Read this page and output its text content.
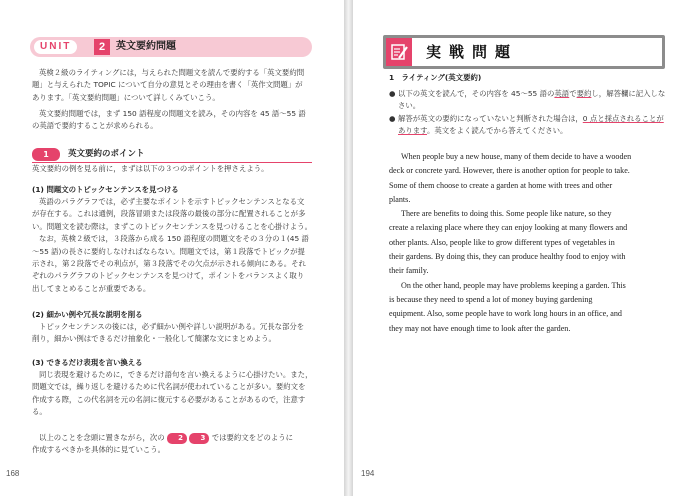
UNIT	2	英文要約問題
英検２級のライティングには，与えられた問題文を読んで要約する「英文要約問
題」と与えられた TOPIC について自分の意見とその理由を書く「英作文問題」が
あります。「英文要約問題」について詳しくみていこう。
英文要約問題では，まず 150 語程度の問題文を読み，その内容を 45 語〜55 語
の英語で要約することが求められる。
1	英文要約のポイント
英文要約の例を見る前に，まずは以下の３つのポイントを押さえよう。
(1) 問題文のトピックセンテンスを見つける
英語のパラグラフでは，必ず主要なポイントを示すトピックセンテンスとなる文
が存在する。これは通例，段落冒頭または段落の最後の部分に配置されることが多
い。問題文を読む際は，まずこのトピックセンテンスを見つけることを心掛けよう。
なお，英検２級では，３段落から成る 150 語程度の問題文をその３分の１(45 語
〜55 語)の長さに要約しなければならない。問題文では，第１段落でトピックが提
示され，第２段落でその利点が，第３段落でその欠点が示される傾向にある。それ
ぞれのパラグラフのトピックセンテンスを見つけて，ポイントをバランスよく取り
出してまとめることが重要である。
(2) 細かい例や冗長な説明を削る
トピックセンテンスの後には，必ず細かい例や詳しい説明がある。冗長な部分を
削り，細かい例はできるだけ抽象化・一般化して簡潔な文にまとめよう。
(3) できるだけ表現を言い換える
同じ表現を避けるために，できるだけ語句を言い換えるように心掛けたい。また，
問題文では，繰り返しを避けるために代名詞が使われていることが多い。要約文を
作成する際，この代名詞を元の名詞に復元する必要があることがあるので，注意す
る。
以上のことを念頭に置きながら，次の 2 3 では要約文をどのように
作成するべきかを具体的に見ていこう。
168
実戦問題
1　ライティング(英文要約)
● 以下の英文を読んで，その内容を 45〜55 語の英語で要約し，解答欄に記入しな
さい。
● 解答が英文の要約になっていないと判断された場合は，0 点と採点されることが
あります。英文をよく読んでから答えてください。
When people buy a new house, many of them decide to have a wooden
deck or concrete yard. However, there is another option for people to take.
Some of them choose to create a garden at home with trees and other
plants.
There are benefits to doing this. Some people like nature, so they
create a relaxing place where they can enjoy looking at many flowers and
other plants. Also, people like to grow different types of vegetables in
their gardens. By doing this, they can produce healthy food to enjoy with
their family.
On the other hand, people may have problems keeping a garden. This
is because they need to spend a lot of money buying gardening
equipment. Also, some people have to work long hours in an office, and
they may not have enough time to look after the garden.
194
